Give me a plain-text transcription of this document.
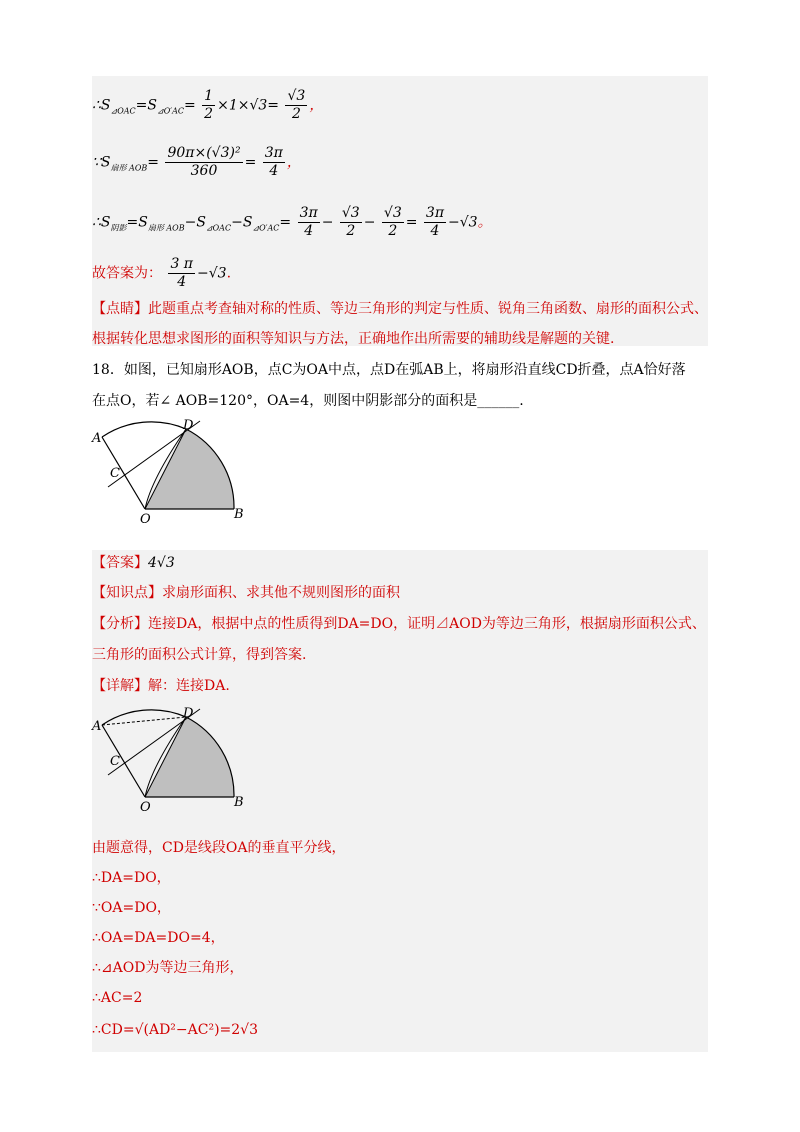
$\therefore S_{⊿OAC}=S_{⊿O'AC}= \frac{1}{2} \times 1\times√3= \frac{√3}{2}$ ，
$\because S_{扇形 AOB}= \frac{\text{90π×(√3)²}}{360} = \frac{3\pi}{4}$ ，
$\therefore S_{阴影}=S_{扇形 AOB}-S_{⊿OAC}-S_{⊿O'AC}= \frac{3\pi}{4} - \frac{√3}{2} - \frac{√3}{2} = \frac{3\pi}{4} -√3$。
故答案为： $\frac{3 \pi}{4} -√3$.
【点睛】此题重点考查轴对称的性质、等边三角形的判定与性质、锐角三角函数、扇形的面积公式、
根据转化思想求图形的面积等知识与方法，正确地作出所需要的辅助线是解题的关键.
18．如图，已知扇形AOB，点C为OA中点，点D在弧AB上，将扇形沿直线CD折叠，点A恰好落
在点O，若∠ AOB=120°，OA=4，则图中阴影部分的面积是______.
A
C
D
O	B
【答案】4√3
【知识点】求扇形面积、求其他不规则图形的面积
【分析】连接DA，根据中点的性质得到DA=DO，证明⊿AOD为等边三角形，根据扇形面积公式、
三角形的面积公式计算，得到答案.
【详解】解：连接DA.
A
C
D
O	B
由题意得，CD是线段OA的垂直平分线，
∴DA=DO，
∵OA=DO，
∴OA=DA=DO=4，
∴⊿AOD为等边三角形，
∴AC=2
∴CD=√(AD²−AC²)=2√3
